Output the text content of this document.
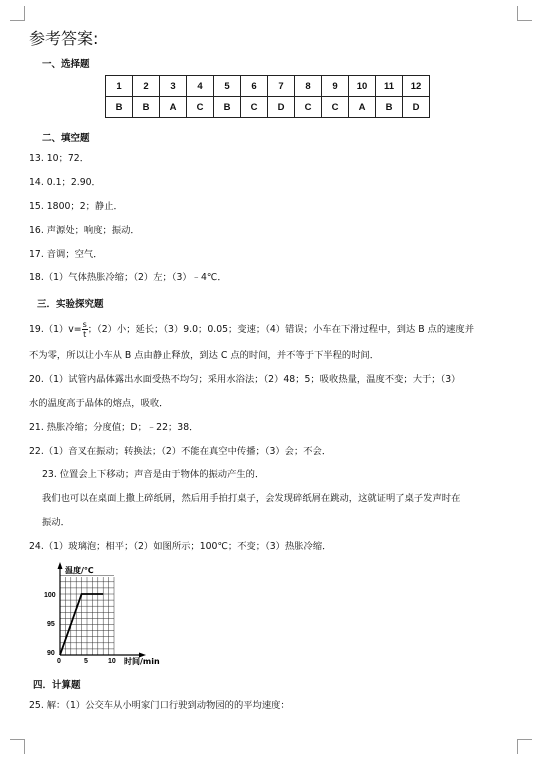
参考答案:
一、选择题
1	2	3	4	5	6	7	8	9	10	11	12
B	B	A	C	B	C	D	C	C	A	B	D
二、填空题
13. 10；72．
14. 0.1；2.90．
15. 1800；2；静止．
16. 声源处；响度；振动．
17. 音调；空气．
18.（1）气体热胀冷缩；（2）左；（3）﹣4℃．
三．实验探究题
$19.(1)v= \frac{s}{t}$ ；（2）小；延长；（3）9.0；0.05；变速；（4）错误；小车在下滑过程中，到达 B 点的速度并
不为零，所以让小车从 B 点由静止释放，到达 C 点的时间，并不等于下半程的时间．
20.（1）试管内晶体露出水面受热不均匀；采用水浴法；（2）48；5；吸收热量，温度不变；大于；（3）
水的温度高于晶体的熔点，吸收．
21. 热胀冷缩；分度值；D；﹣22；38．
22.（1）音叉在振动；转换法；（2）不能在真空中传播；（3）会；不会．
23. 位置会上下移动；声音是由于物体的振动产生的．
我们也可以在桌面上撒上碎纸屑，然后用手拍打桌子，会发现碎纸屑在跳动，这就证明了桌子发声时在
振动．
24.（1）玻璃泡；相平；（2）如图所示；100℃；不变；（3）热胀冷缩．
温度/℃
时间/min
100
95
90
0	5	10
四．计算题
25. 解：（1）公交车从小明家门口行驶到动物园的的平均速度：
